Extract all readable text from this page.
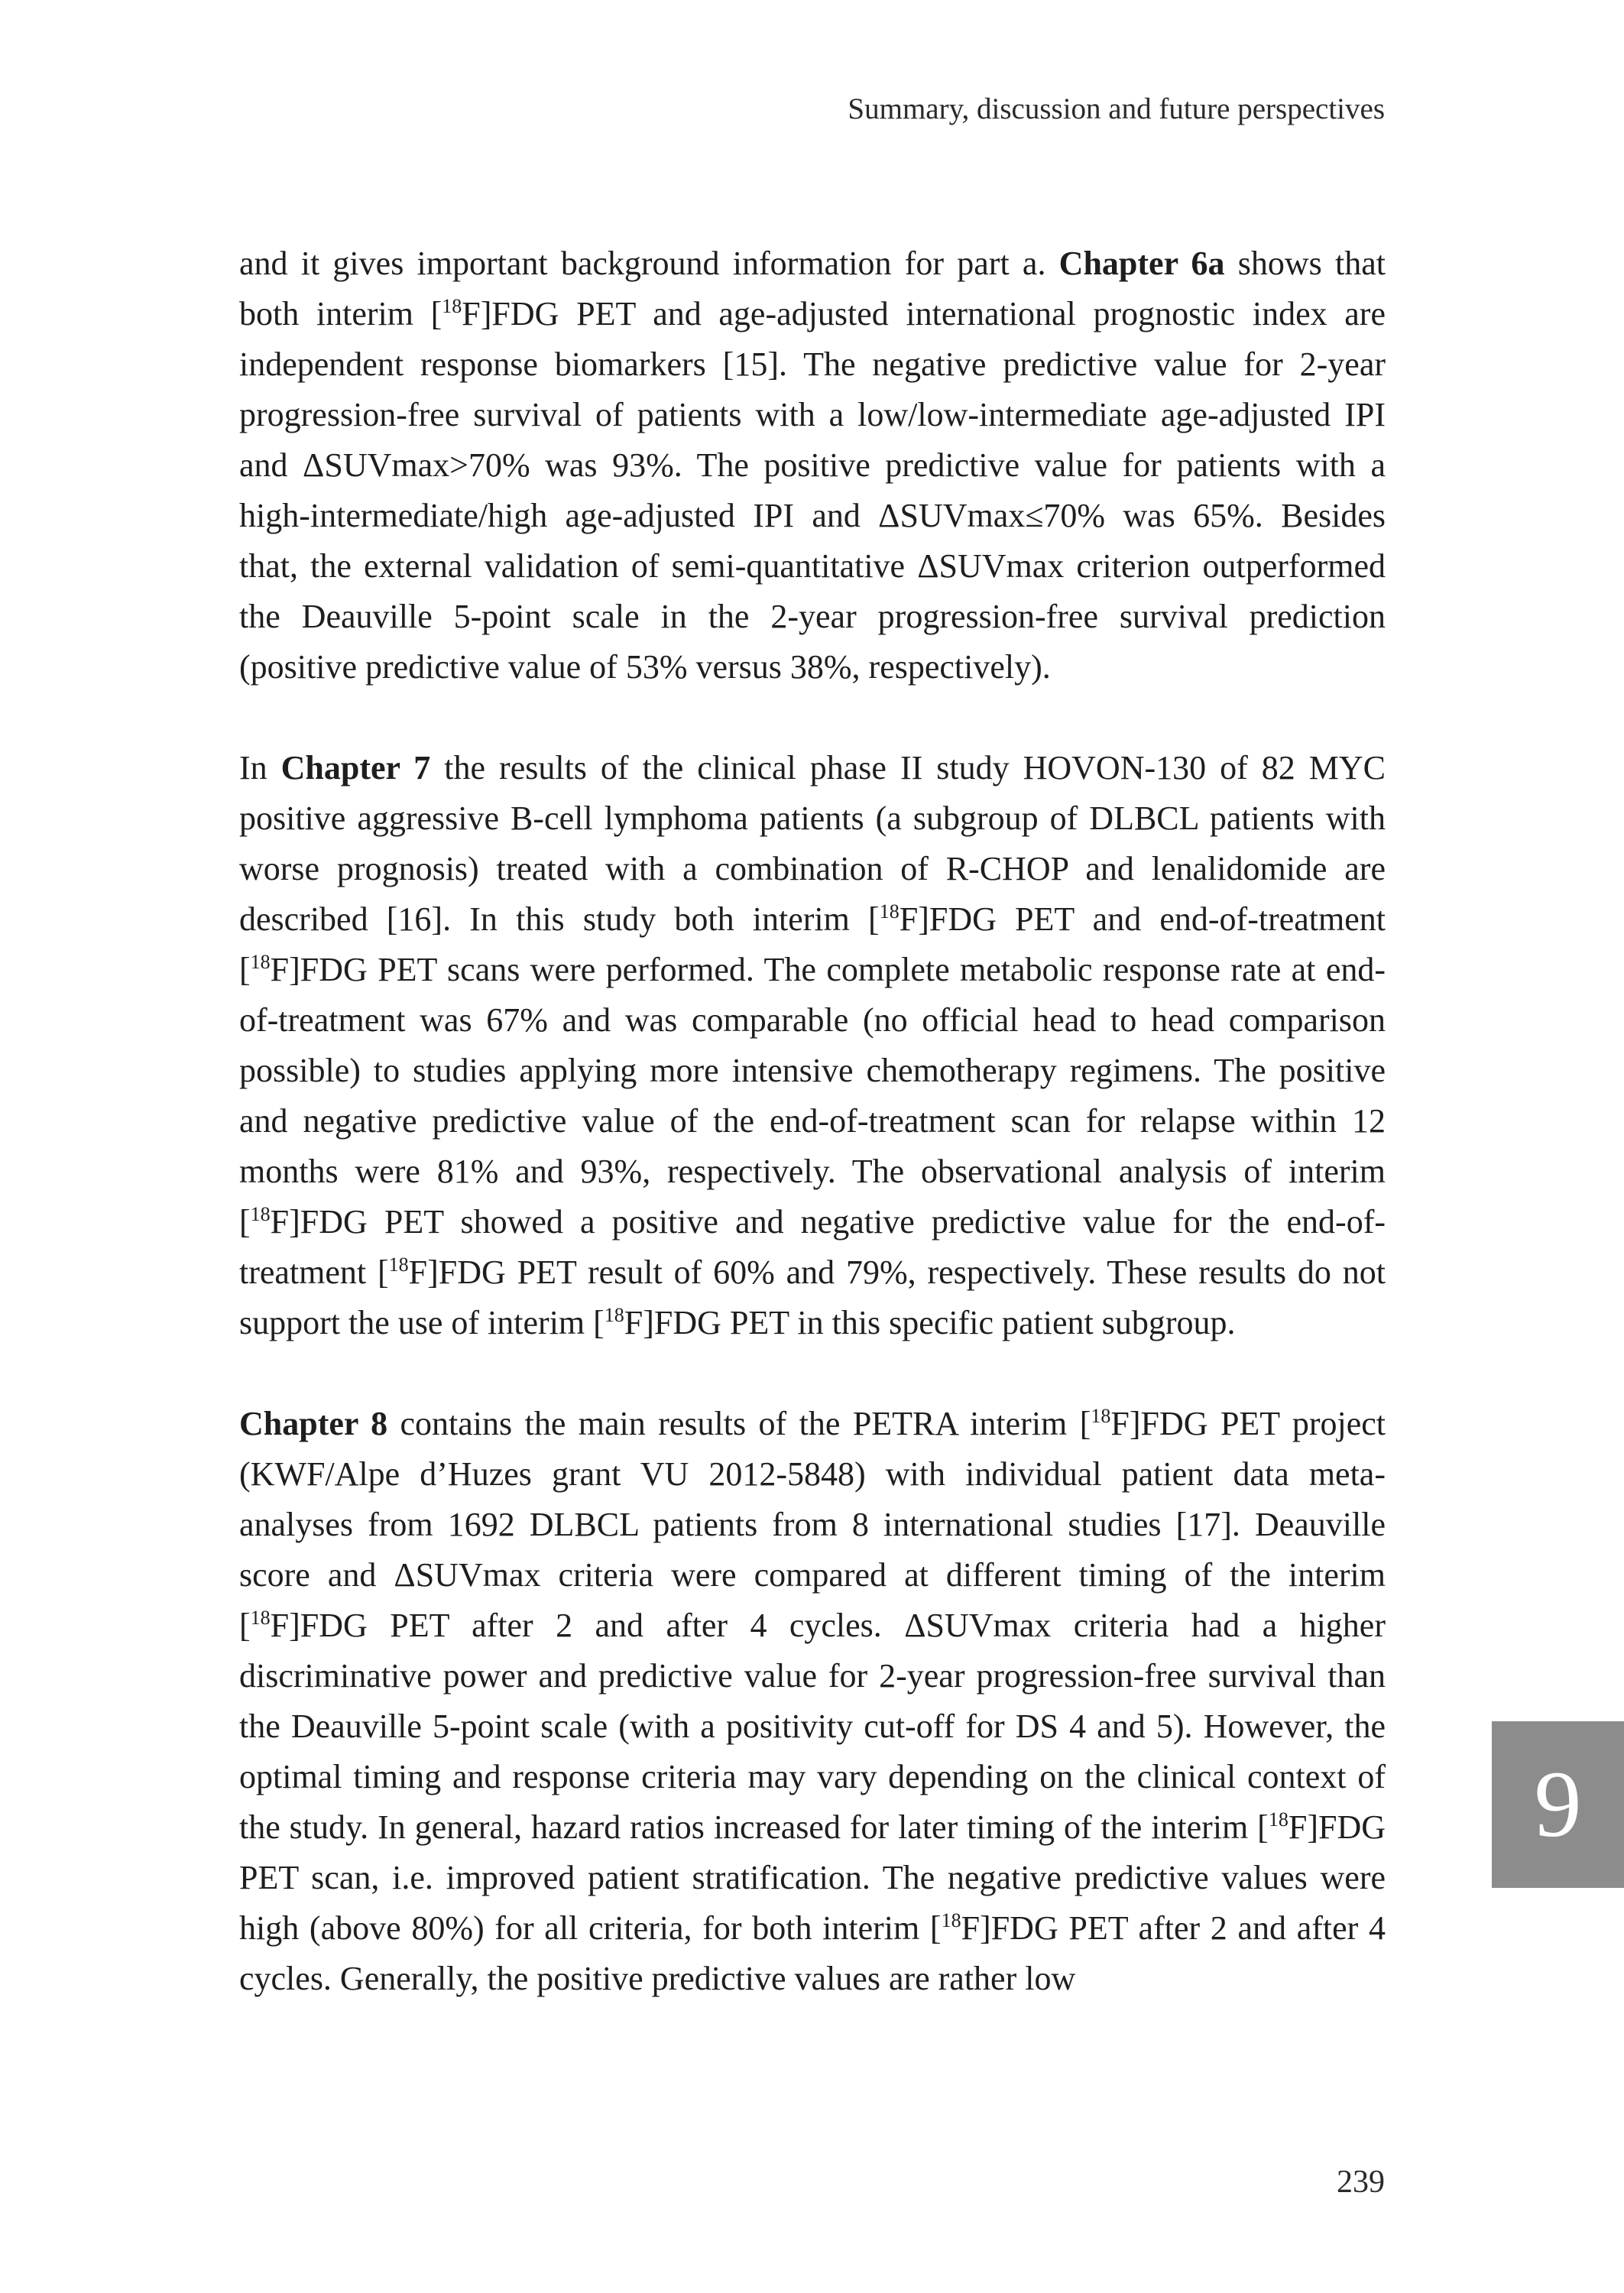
Summary, discussion and future perspectives

and it gives important background information for part a. Chapter 6a shows that both interim [$^{18}$F]FDG PET and age-adjusted international prognostic index are independent response biomarkers [15]. The negative predictive value for 2-year progression-free survival of patients with a low/low-intermediate age-adjusted IPI and ΔSUVmax>70% was 93%. The positive predictive value for patients with a high-intermediate/high age-adjusted IPI and ΔSUVmax≤70% was 65%. Besides that, the external validation of semi-quantitative ΔSUVmax criterion outperformed the Deauville 5-point scale in the 2-year progression-free survival prediction (positive predictive value of 53% versus 38%, respectively).

In Chapter 7 the results of the clinical phase II study HOVON-130 of 82 MYC positive aggressive B-cell lymphoma patients (a subgroup of DLBCL patients with worse prognosis) treated with a combination of R-CHOP and lenalidomide are described [16]. In this study both interim [$^{18}$F]FDG PET and end-of-treatment [$^{18}$F]FDG PET scans were performed. The complete metabolic response rate at end-of-treatment was 67% and was comparable (no official head to head comparison possible) to studies applying more intensive chemotherapy regimens. The positive and negative predictive value of the end-of-treatment scan for relapse within 12 months were 81% and 93%, respectively. The observational analysis of interim [$^{18}$F]FDG PET showed a positive and negative predictive value for the end-of-treatment [$^{18}$F]FDG PET result of 60% and 79%, respectively. These results do not support the use of interim [$^{18}$F]FDG PET in this specific patient subgroup.

Chapter 8 contains the main results of the PETRA interim [$^{18}$F]FDG PET project (KWF/Alpe d’Huzes grant VU 2012-5848) with individual patient data meta-analyses from 1692 DLBCL patients from 8 international studies [17]. Deauville score and ΔSUVmax criteria were compared at different timing of the interim [$^{18}$F]FDG PET after 2 and after 4 cycles. ΔSUVmax criteria had a higher discriminative power and predictive value for 2-year progression-free survival than the Deauville 5-point scale (with a positivity cut-off for DS 4 and 5). However, the optimal timing and response criteria may vary depending on the clinical context of the study. In general, hazard ratios increased for later timing of the interim [$^{18}$F]FDG PET scan, i.e. improved patient stratification. The negative predictive values were high (above 80%) for all criteria, for both interim [$^{18}$F]FDG PET after 2 and after 4 cycles. Generally, the positive predictive values are rather low

9
239
